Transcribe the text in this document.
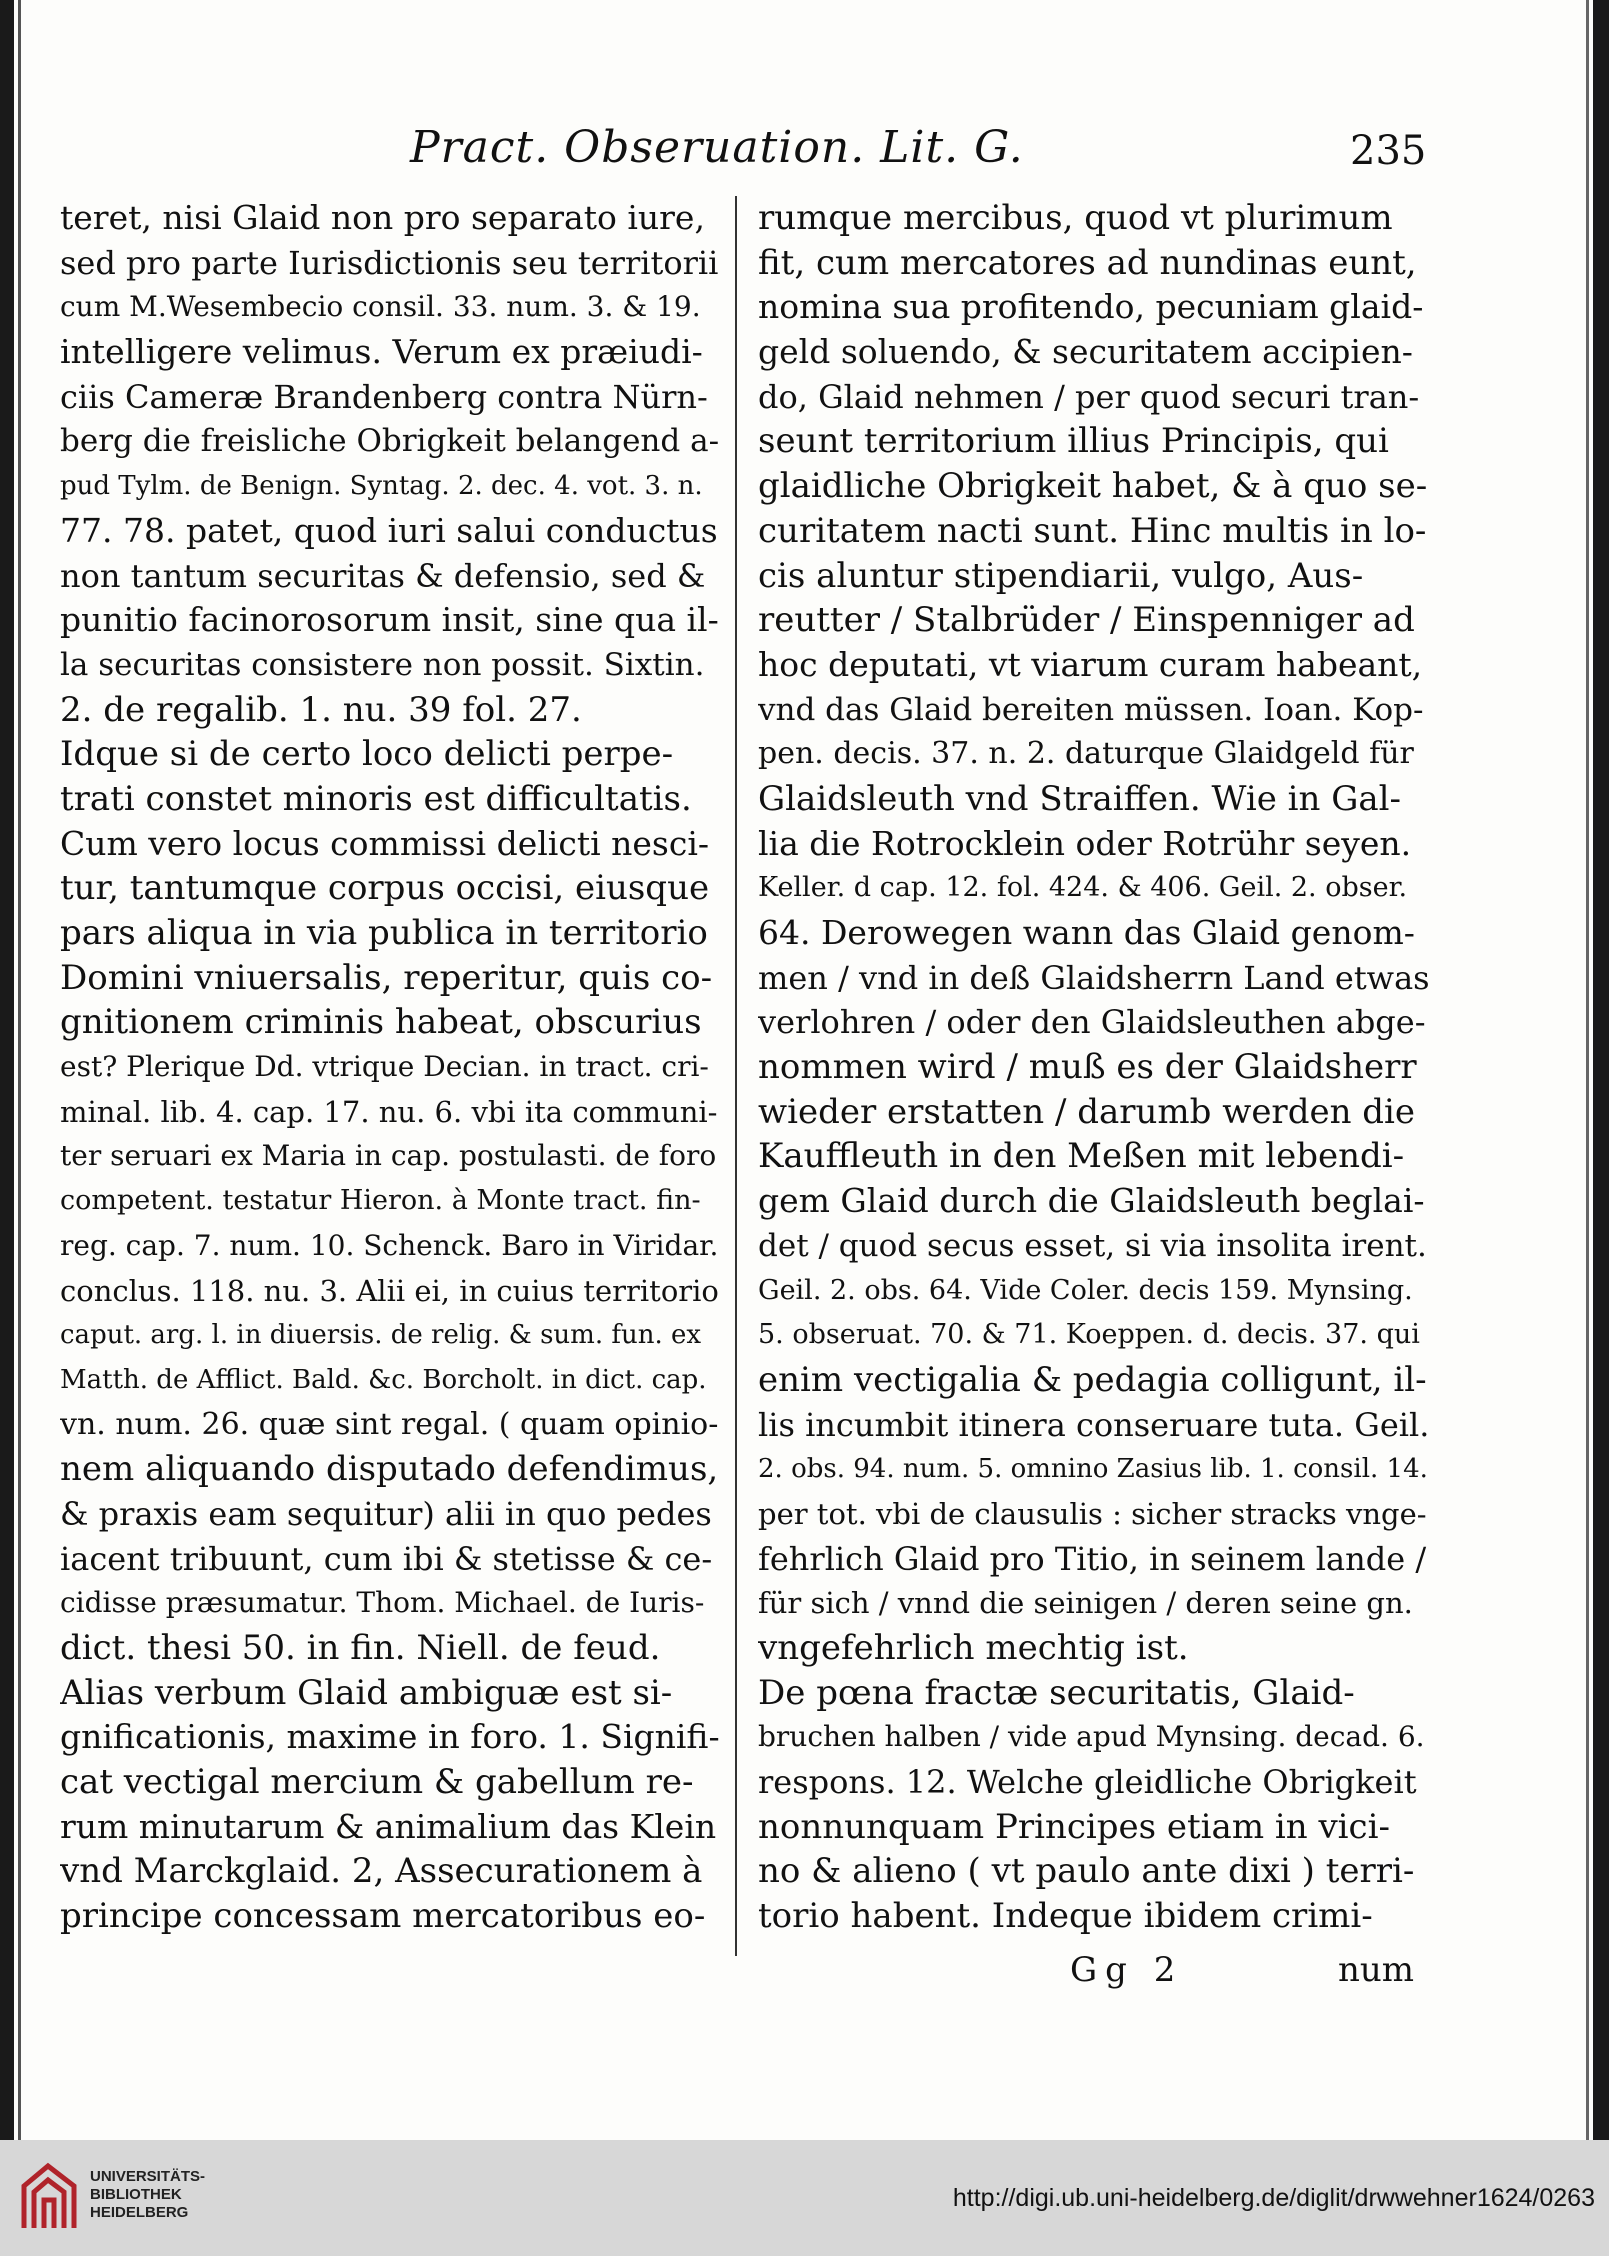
Pract. Obseruation. Lit. G.	235
teret, nisi Glaid non pro separato iure,
sed pro parte Iurisdictionis seu territorii
cum M.Wesembecio consil. 33. num. 3. & 19.
intelligere velimus. Verum ex præiudi-
ciis Cameræ Brandenberg contra Nürn-
berg die freisliche Obrigkeit belangend a-
pud Tylm. de Benign. Syntag. 2. dec. 4. vot. 3. n.
77. 78. patet, quod iuri salui conductus
non tantum securitas & defensio, sed &
punitio facinorosorum insit, sine qua il-
la securitas consistere non possit. Sixtin.
2. de regalib. 1. nu. 39 fol. 27.
Idque si de certo loco delicti perpe-
trati constet minoris est difficultatis.
Cum vero locus commissi delicti nesci-
tur, tantumque corpus occisi, eiusque
pars aliqua in via publica in territorio
Domini vniuersalis, reperitur, quis co-
gnitionem criminis habeat, obscurius
est? Plerique Dd. vtrique Decian. in tract. cri-
minal. lib. 4. cap. 17. nu. 6. vbi ita communi-
ter seruari ex Maria in cap. postulasti. de foro
competent. testatur Hieron. à Monte tract. fin-
reg. cap. 7. num. 10. Schenck. Baro in Viridar.
conclus. 118. nu. 3. Alii ei, in cuius territorio
caput. arg. l. in diuersis. de relig. & sum. fun. ex
Matth. de Afflict. Bald. &c. Borcholt. in dict. cap.
vn. num. 26. quæ sint regal. ( quam opinio-
nem aliquando disputado defendimus,
& praxis eam sequitur) alii in quo pedes
iacent tribuunt, cum ibi & stetisse & ce-
cidisse præsumatur. Thom. Michael. de Iuris-
dict. thesi 50. in fin. Niell. de feud.
Alias verbum Glaid ambiguæ est si-
gnificationis, maxime in foro. 1. Signifi-
cat vectigal mercium & gabellum re-
rum minutarum & animalium das Klein
vnd Marckglaid. 2, Assecurationem à
principe concessam mercatoribus eo-
rumque mercibus, quod vt plurimum
fit, cum mercatores ad nundinas eunt,
nomina sua profitendo, pecuniam glaid-
geld soluendo, & securitatem accipien-
do, Glaid nehmen / per quod securi tran-
seunt territorium illius Principis, qui
glaidliche Obrigkeit habet, & à quo se-
curitatem nacti sunt. Hinc multis in lo-
cis aluntur stipendiarii, vulgo, Aus-
reutter / Stalbrüder / Einspenniger ad
hoc deputati, vt viarum curam habeant,
vnd das Glaid bereiten müssen. Ioan. Kop-
pen. decis. 37. n. 2. daturque Glaidgeld für
Glaidsleuth vnd Straiffen. Wie in Gal-
lia die Rotrocklein oder Rotrühr seyen.
Keller. d cap. 12. fol. 424. & 406. Geil. 2. obser.
64. Derowegen wann das Glaid genom-
men / vnd in deß Glaidsherrn Land etwas
verlohren / oder den Glaidsleuthen abge-
nommen wird / muß es der Glaidsherr
wieder erstatten / darumb werden die
Kauffleuth in den Meßen mit lebendi-
gem Glaid durch die Glaidsleuth beglai-
det / quod secus esset, si via insolita irent.
Geil. 2. obs. 64. Vide Coler. decis 159. Mynsing.
5. obseruat. 70. & 71. Koeppen. d. decis. 37. qui
enim vectigalia & pedagia colligunt, il-
lis incumbit itinera conseruare tuta. Geil.
2. obs. 94. num. 5. omnino Zasius lib. 1. consil. 14.
per tot. vbi de clausulis : sicher stracks vnge-
fehrlich Glaid pro Titio, in seinem lande /
für sich / vnnd die seinigen / deren seine gn.
vngefehrlich mechtig ist.
De pœna fractæ securitatis, Glaid-
bruchen halben / vide apud Mynsing. decad. 6.
respons. 12. Welche gleidliche Obrigkeit
nonnunquam Principes etiam in vici-
no & alieno ( vt paulo ante dixi ) terri-
torio habent. Indeque ibidem crimi-
Gg 2	num
UNIVERSITÄTS-
BIBLIOTHEK
HEIDELBERG
http://digi.ub.uni-heidelberg.de/diglit/drwwehner1624/0263
